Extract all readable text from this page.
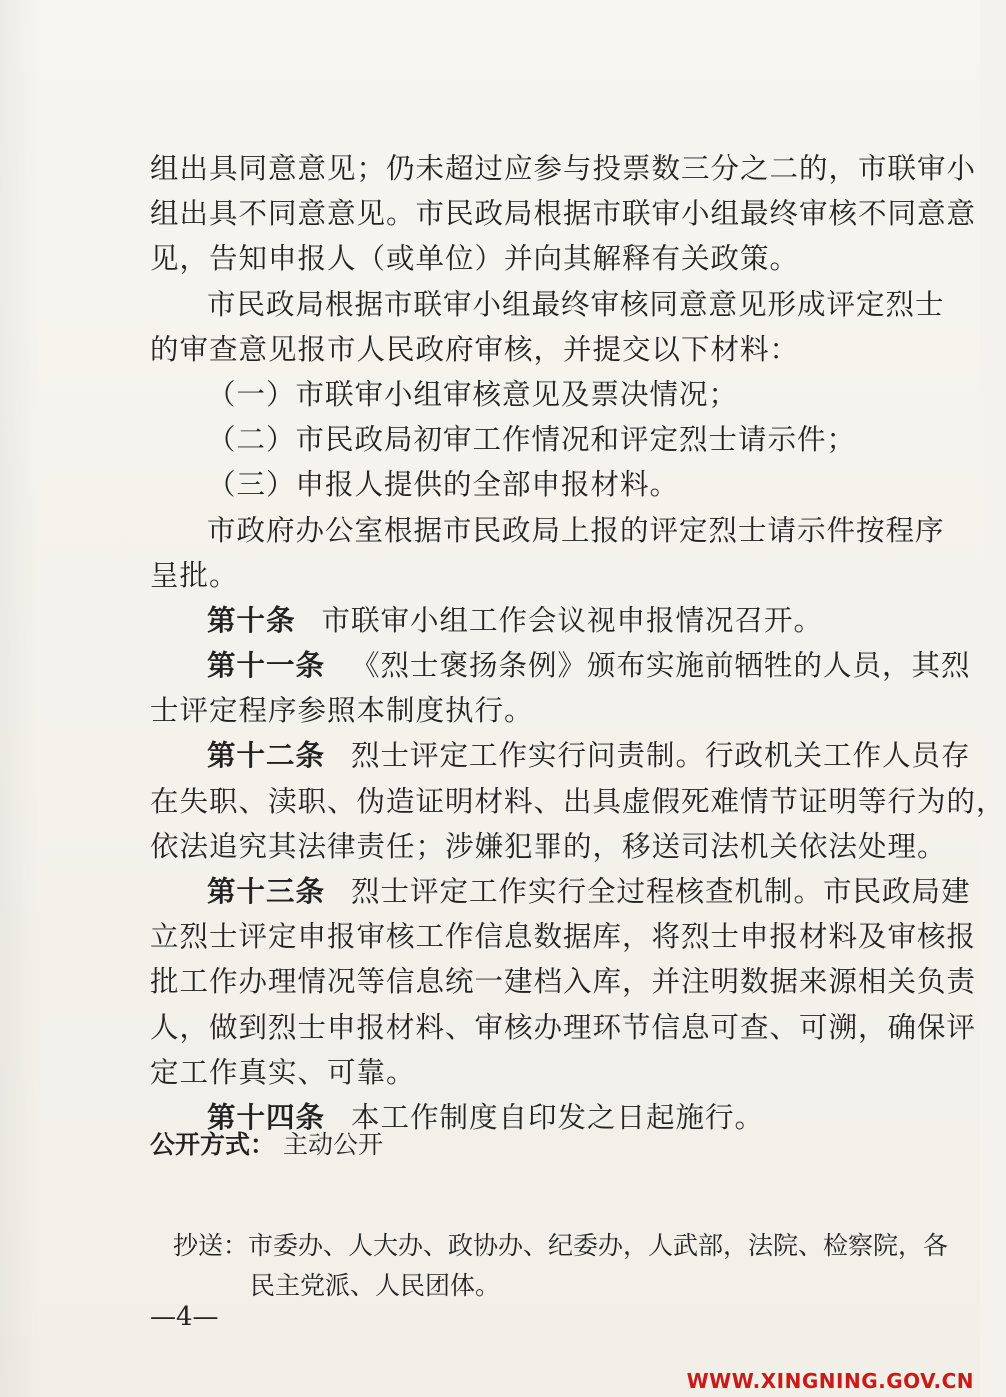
组出具同意意见；仍未超过应参与投票数三分之二的，市联审小
组出具不同意意见。市民政局根据市联审小组最终审核不同意意
见，告知申报人（或单位）并向其解释有关政策。
市民政局根据市联审小组最终审核同意意见形成评定烈士
的审查意见报市人民政府审核，并提交以下材料：
（一）市联审小组审核意见及票决情况；
（二）市民政局初审工作情况和评定烈士请示件；
（三）申报人提供的全部申报材料。
市政府办公室根据市民政局上报的评定烈士请示件按程序
呈批。
第十条 市联审小组工作会议视申报情况召开。
第十一条 《烈士褒扬条例》颁布实施前牺牲的人员，其烈
士评定程序参照本制度执行。
第十二条 烈士评定工作实行问责制。行政机关工作人员存
在失职、渎职、伪造证明材料、出具虚假死难情节证明等行为的，
依法追究其法律责任；涉嫌犯罪的，移送司法机关依法处理。
第十三条 烈士评定工作实行全过程核查机制。市民政局建
立烈士评定申报审核工作信息数据库，将烈士申报材料及审核报
批工作办理情况等信息统一建档入库，并注明数据来源相关负责
人，做到烈士申报材料、审核办理环节信息可查、可溯，确保评
定工作真实、可靠。
第十四条 本工作制度自印发之日起施行。
公开方式： 主动公开
抄送：市委办、人大办、政协办、纪委办，人武部，法院、检察院，各
民主党派、人民团体。
—4—
WWW.XINGNING.GOV.CN
